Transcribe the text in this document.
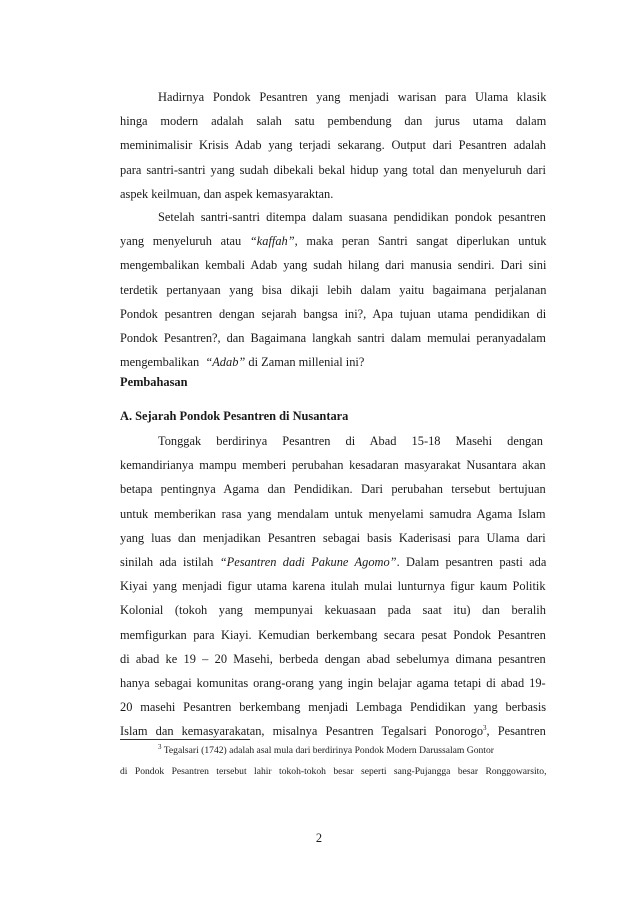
Hadirnya Pondok Pesantren yang menjadi warisan para Ulama klasik
hinga modern adalah salah satu pembendung dan jurus utama dalam
meminimalisir Krisis Adab yang terjadi sekarang. Output dari Pesantren adalah
para santri-santri yang sudah dibekali bekal hidup yang total dan menyeluruh dari
aspek keilmuan, dan aspek kemasyaraktan.
Setelah santri-santri ditempa dalam suasana pendidikan pondok pesantren
yang menyeluruh atau “kaffah”, maka peran Santri sangat diperlukan untuk
mengembalikan kembali Adab yang sudah hilang dari manusia sendiri. Dari sini
terdetik pertanyaan yang bisa dikaji lebih dalam yaitu bagaimana perjalanan
Pondok pesantren dengan sejarah bangsa ini?, Apa tujuan utama pendidikan di
Pondok Pesantren?, dan Bagaimana langkah santri dalam memulai peranyadalam
mengembalikan “Adab” di Zaman millenial ini?
Pembahasan
A. Sejarah Pondok Pesantren di Nusantara
Tonggak berdirinya Pesantren di Abad 15-18 Masehi dengan
kemandirianya mampu memberi perubahan kesadaran masyarakat Nusantara akan
betapa pentingnya Agama dan Pendidikan. Dari perubahan tersebut bertujuan
untuk memberikan rasa yang mendalam untuk menyelami samudra Agama Islam
yang luas dan menjadikan Pesantren sebagai basis Kaderisasi para Ulama dari
sinilah ada istilah “Pesantren dadi Pakune Agomo”. Dalam pesantren pasti ada
Kiyai yang menjadi figur utama karena itulah mulai lunturnya figur kaum Politik
Kolonial (tokoh yang mempunyai kekuasaan pada saat itu) dan beralih
memfigurkan para Kiayi. Kemudian berkembang secara pesat Pondok Pesantren
di abad ke 19 – 20 Masehi, berbeda dengan abad sebelumya dimana pesantren
hanya sebagai komunitas orang-orang yang ingin belajar agama tetapi di abad 19-
20 masehi Pesantren berkembang menjadi Lembaga Pendidikan yang berbasis
Islam dan kemasyarakatan, misalnya Pesantren Tegalsari Ponorogo$^3$, Pesantren
$^3$ Tegalsari (1742) adalah asal mula dari berdirinya Pondok Modern Darussalam Gontor
di Pondok Pesantren tersebut lahir tokoh-tokoh besar seperti sang-Pujangga besar Ronggowarsito,
2
